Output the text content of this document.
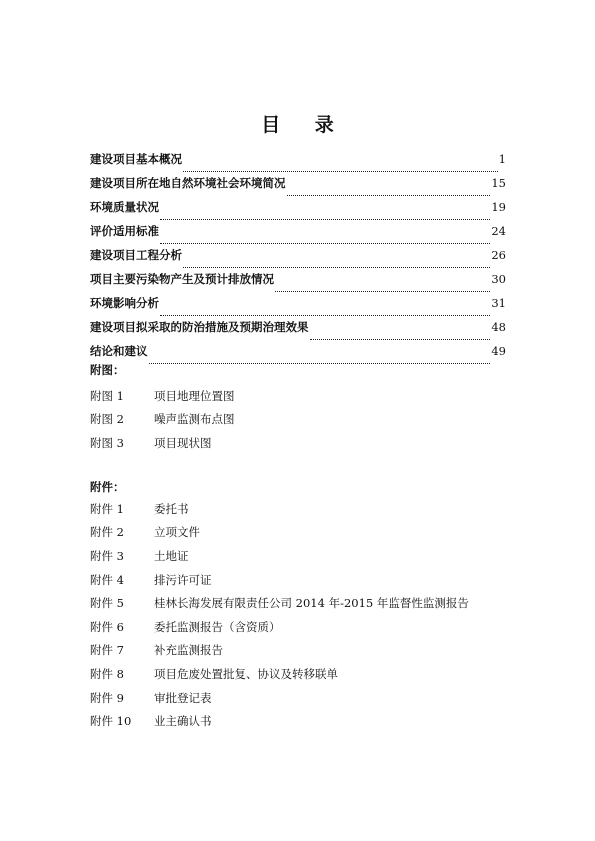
目 录
建设项目基本概况	1
建设项目所在地自然环境社会环境简况	15
环境质量状况	19
评价适用标准	24
建设项目工程分析	26
项目主要污染物产生及预计排放情况	30
环境影响分析	31
建设项目拟采取的防治措施及预期治理效果	48
结论和建议	49
附图：
附图 1	项目地理位置图
附图 2	噪声监测布点图
附图 3	项目现状图
附件：
附件 1	委托书
附件 2	立项文件
附件 3	土地证
附件 4	排污许可证
附件 5	桂林长海发展有限责任公司 2014 年-2015 年监督性监测报告
附件 6	委托监测报告（含资质）
附件 7	补充监测报告
附件 8	项目危废处置批复、协议及转移联单
附件 9	审批登记表
附件 10	业主确认书
